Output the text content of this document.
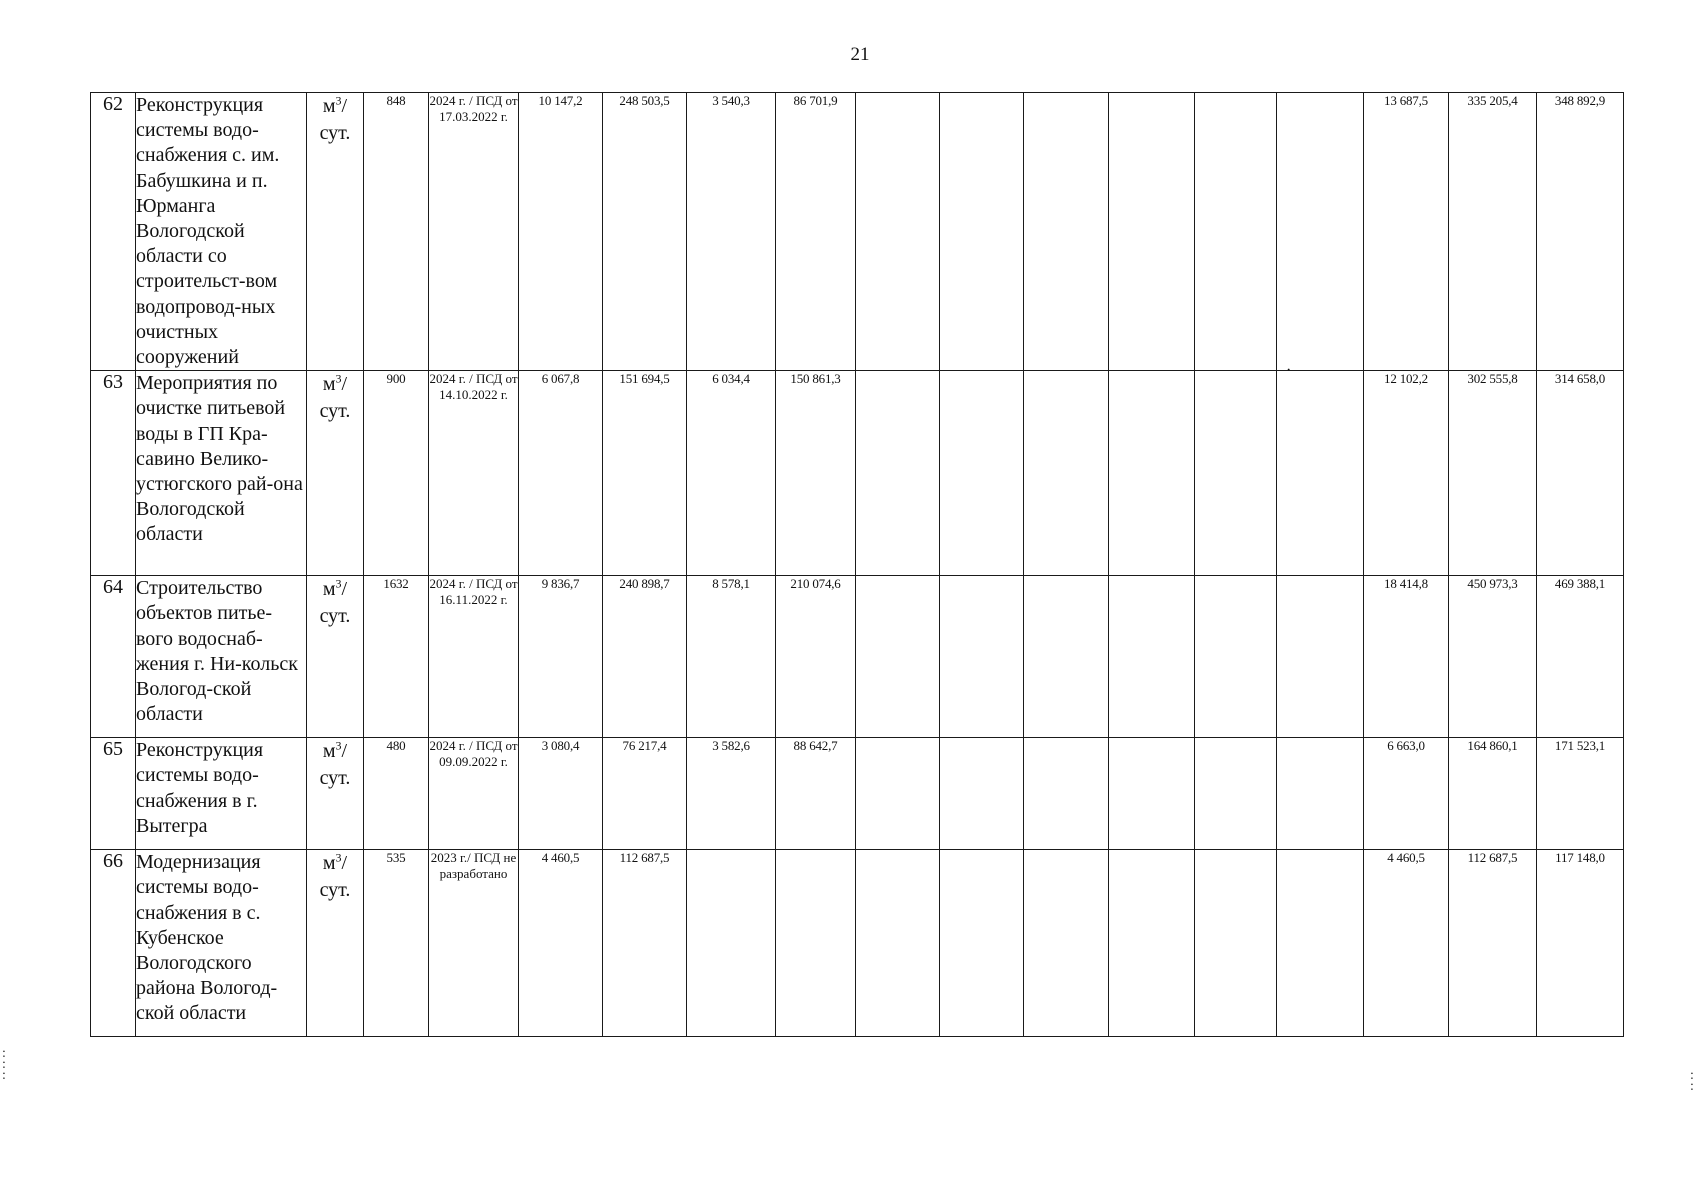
21
62	Реконструкция системы водо-снабжения с. им. Бабушкина и п. Юрманга Вологодской области со строительст-вом водопровод-ных очистных сооружений	$м^3/$ сут.	848	2024 г. / ПСД от 17.03.2022 г.	10 147,2	248 503,5	3 540,3	86 701,9							13 687,5	335 205,4	348 892,9
63	Мероприятия по очистке питьевой воды в ГП Кра-савино Велико-устюгского рай-она Вологодской области	$м^3/$ сут.	900	2024 г. / ПСД от 14.10.2022 г.	6 067,8	151 694,5	6 034,4	150 861,3							12 102,2	302 555,8	314 658,0
64	Строительство объектов питье-вого водоснаб-жения г. Ни-кольск Вологод-ской области	$м^3/$ сут.	1632	2024 г. / ПСД от 16.11.2022 г.	9 836,7	240 898,7	8 578,1	210 074,6							18 414,8	450 973,3	469 388,1
65	Реконструкция системы водо-снабжения в г. Вытегра	$м^3/$ сут.	480	2024 г. / ПСД от 09.09.2022 г.	3 080,4	76 217,4	3 582,6	88 642,7							6 663,0	164 860,1	171 523,1
66	Модернизация системы водо-снабжения в с. Кубенское Вологодского района Вологод-ской области	$м^3/$ сут.	535	2023 г./ ПСД не разработано	4 460,5	112 687,5									4 460,5	112 687,5	117 148,0
·
:
:
:	:
:
